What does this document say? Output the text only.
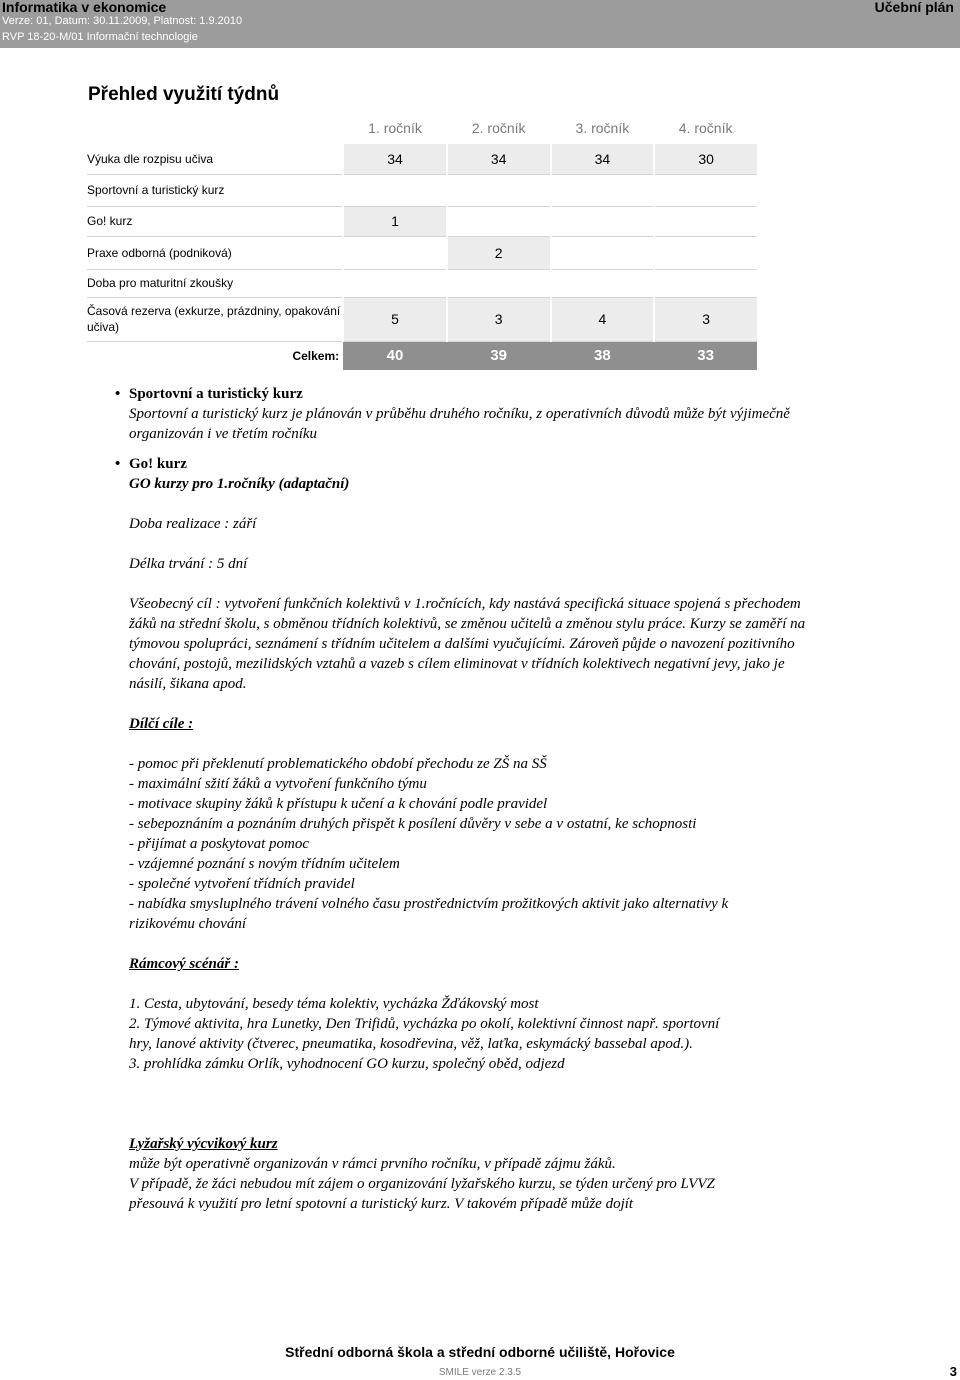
Informatika v ekonomice
Verze: 01, Datum: 30.11.2009, Platnost: 1.9.2010
RVP 18-20-M/01 Informační technologie
Učební plán
Přehled využití týdnů
	1. ročník	2. ročník	3. ročník	4. ročník
Výuka dle rozpisu učiva	34	34	34	30
Sportovní a turistický kurz				
Go! kurz	1			
Praxe odborná (podniková)		2		
Doba pro maturitní zkoušky				
Časová rezerva (exkurze, prázdniny, opakování učiva)	5	3	4	3
Celkem:	40	39	38	33

• Sportovní a turistický kurz

Sportovní a turistický kurz je plánován v průběhu druhého ročníku, z operativních důvodů může být výjimečně organizován i ve třetím ročníku

• Go! kurz

GO kurzy pro 1.ročníky (adaptační)

Doba realizace : září

Délka trvání : 5 dní

Všeobecný cíl : vytvoření funkčních kolektivů v 1.ročnících, kdy nastává specifická situace spojená s přechodem žáků na střední školu, s obměnou třídních kolektivů, se změnou učitelů a změnou stylu práce. Kurzy se zaměří na týmovou spolupráci, seznámení s třídním učitelem a dalšími vyučujícími. Zároveň půjde o navození pozitivního chování, postojů, mezilidských vztahů a vazeb s cílem eliminovat v třídních kolektivech negativní jevy, jako je násilí, šikana apod.

Dílčí cíle :

- pomoc při překlenutí problematického období přechodu ze ZŠ na SŠ

- maximální sžití žáků a vytvoření funkčního týmu

- motivace skupiny žáků k přístupu k učení a k chování podle pravidel

- sebepoznáním a poznáním druhých přispět k posílení důvěry v sebe a v ostatní, ke schopnosti

- přijímat a poskytovat pomoc

- vzájemné poznání s novým třídním učitelem

- společné vytvoření třídních pravidel

- nabídka smysluplného trávení volného času prostřednictvím prožitkových aktivit jako alternativy k rizikovému chování

Rámcový scénář :

1. Cesta, ubytování, besedy téma kolektiv, vycházka Žďákovský most

2. Týmové aktivita, hra Lunetky, Den Trifidů, vycházka po okolí, kolektivní činnost např. sportovní hry, lanové aktivity (čtverec, pneumatika, kosodřevina, věž, laťka, eskymácký bassebal apod.).

3. prohlídka zámku Orlík, vyhodnocení GO kurzu, společný oběd, odjezd

Lyžařský výcvikový kurz

může být operativně organizován v rámci prvního ročníku, v případě zájmu žáků.

V případě, že žáci nebudou mít zájem o organizování lyžařského kurzu, se týden určený pro LVVZ přesouvá k využití pro letní spotovní a turistický kurz. V takovém případě může dojít

Střední odborná škola a střední odborné učiliště, Hořovice
SMILE verze 2.3.5	3
